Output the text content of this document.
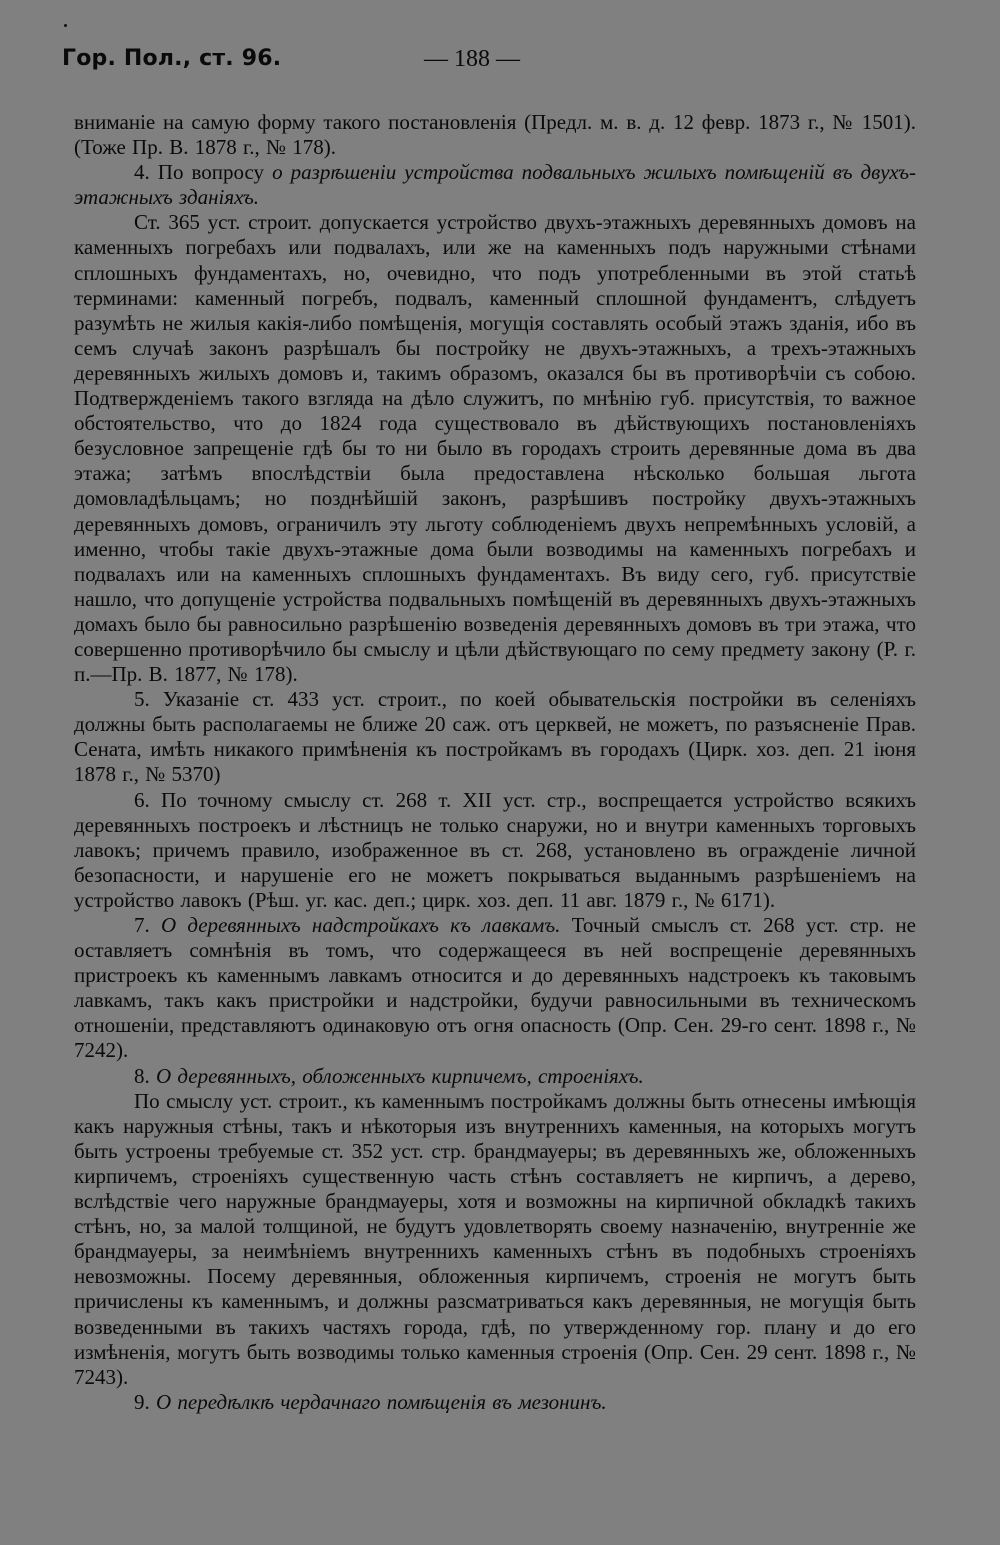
Гор. Пол., ст. 96.	— 188 —

вниманіе на самую форму такого постановленія (Предл. м. в. д. 12 февр. 1873 г., № 1501). (Тоже Пр. В. 1878 г., № 178).

4. По вопросу о разрѣшеніи устройства подвальныхъ жилыхъ помѣщеній въ двухъ-этажныхъ зданіяхъ.

Ст. 365 уст. строит. допускается устройство двухъ-этажныхъ деревянныхъ домовъ на каменныхъ погребахъ или подвалахъ, или же на каменныхъ подъ наружными стѣнами сплошныхъ фундаментахъ, но, очевидно, что подъ употребленными въ этой статьѣ терминами: каменный погребъ, подвалъ, каменный сплошной фундаментъ, слѣдуетъ разумѣть не жилыя какія-либо помѣщенія, могущія составлять особый этажъ зданія, ибо въ семъ случаѣ законъ разрѣшалъ бы постройку не двухъ-этажныхъ, а трехъ-этажныхъ деревянныхъ жилыхъ домовъ и, такимъ образомъ, оказался бы въ противорѣчіи съ собою. Подтвержденіемъ такого взгляда на дѣло служитъ, по мнѣнію губ. присутствія, то важное обстоятельство, что до 1824 года существовало въ дѣйствующихъ постановленіяхъ безусловное запрещеніе гдѣ бы то ни было въ городахъ строить деревянные дома въ два этажа; затѣмъ впослѣдствіи была предоставлена нѣсколько большая льгота домовладѣльцамъ; но позднѣйшій законъ, разрѣшивъ постройку двухъ-этажныхъ деревянныхъ домовъ, ограничилъ эту льготу соблюденіемъ двухъ непремѣнныхъ условій, а именно, чтобы такіе двухъ-этажные дома были возводимы на каменныхъ погребахъ и подвалахъ или на каменныхъ сплошныхъ фундаментахъ. Въ виду сего, губ. присутствіе нашло, что допущеніе устройства подвальныхъ помѣщеній въ деревянныхъ двухъ-этажныхъ домахъ было бы равносильно разрѣшенію возведенія деревянныхъ домовъ въ три этажа, что совершенно противорѣчило бы смыслу и цѣли дѣйствующаго по сему предмету закону (Р. г. п.—Пр. В. 1877, № 178).

5. Указаніе ст. 433 уст. строит., по коей обывательскія постройки въ селеніяхъ должны быть располагаемы не ближе 20 саж. отъ церквей, не можетъ, по разъясненіе Прав. Сената, имѣть никакого примѣненія къ постройкамъ въ городахъ (Цирк. хоз. деп. 21 іюня 1878 г., № 5370)

6. По точному смыслу ст. 268 т. XII уст. стр., воспрещается устройство всякихъ деревянныхъ построекъ и лѣстницъ не только снаружи, но и внутри каменныхъ торговыхъ лавокъ; причемъ правило, изображенное въ ст. 268, установлено въ огражденіе личной безопасности, и нарушеніе его не можетъ покрываться выданнымъ разрѣшеніемъ на устройство лавокъ (Рѣш. уг. кас. деп.; цирк. хоз. деп. 11 авг. 1879 г., № 6171).

7. О деревянныхъ надстройкахъ къ лавкамъ. Точный смыслъ ст. 268 уст. стр. не оставляетъ сомнѣнія въ томъ, что содержащееся въ ней воспрещеніе деревянныхъ пристроекъ къ каменнымъ лавкамъ относится и до деревянныхъ надстроекъ къ таковымъ лавкамъ, такъ какъ пристройки и надстройки, будучи равносильными въ техническомъ отношеніи, представляютъ одинаковую отъ огня опасность (Опр. Сен. 29-го сент. 1898 г., № 7242).

8. О деревянныхъ, обложенныхъ кирпичемъ, строеніяхъ.

По смыслу уст. строит., къ каменнымъ постройкамъ должны быть отнесены имѣющія какъ наружныя стѣны, такъ и нѣкоторыя изъ внутреннихъ каменныя, на которыхъ могутъ быть устроены требуемые ст. 352 уст. стр. брандмауеры; въ деревянныхъ же, обложенныхъ кирпичемъ, строеніяхъ существенную часть стѣнъ составляетъ не кирпичъ, а дерево, вслѣдствіе чего наружные брандмауеры, хотя и возможны на кирпичной обкладкѣ такихъ стѣнъ, но, за малой толщиной, не будутъ удовлетворять своему назначенію, внутренніе же брандмауеры, за неимѣніемъ внутреннихъ каменныхъ стѣнъ въ подобныхъ строеніяхъ невозможны. Посему деревянныя, обложенныя кирпичемъ, строенія не могутъ быть причислены къ каменнымъ, и должны разсматриваться какъ деревянныя, не могущія быть возведенными въ такихъ частяхъ города, гдѣ, по утвержденному гор. плану и до его измѣненія, могутъ быть возводимы только каменныя строенія (Опр. Сен. 29 сент. 1898 г., № 7243).

9. О передѣлкѣ чердачнаго помѣщенія въ мезонинъ.
